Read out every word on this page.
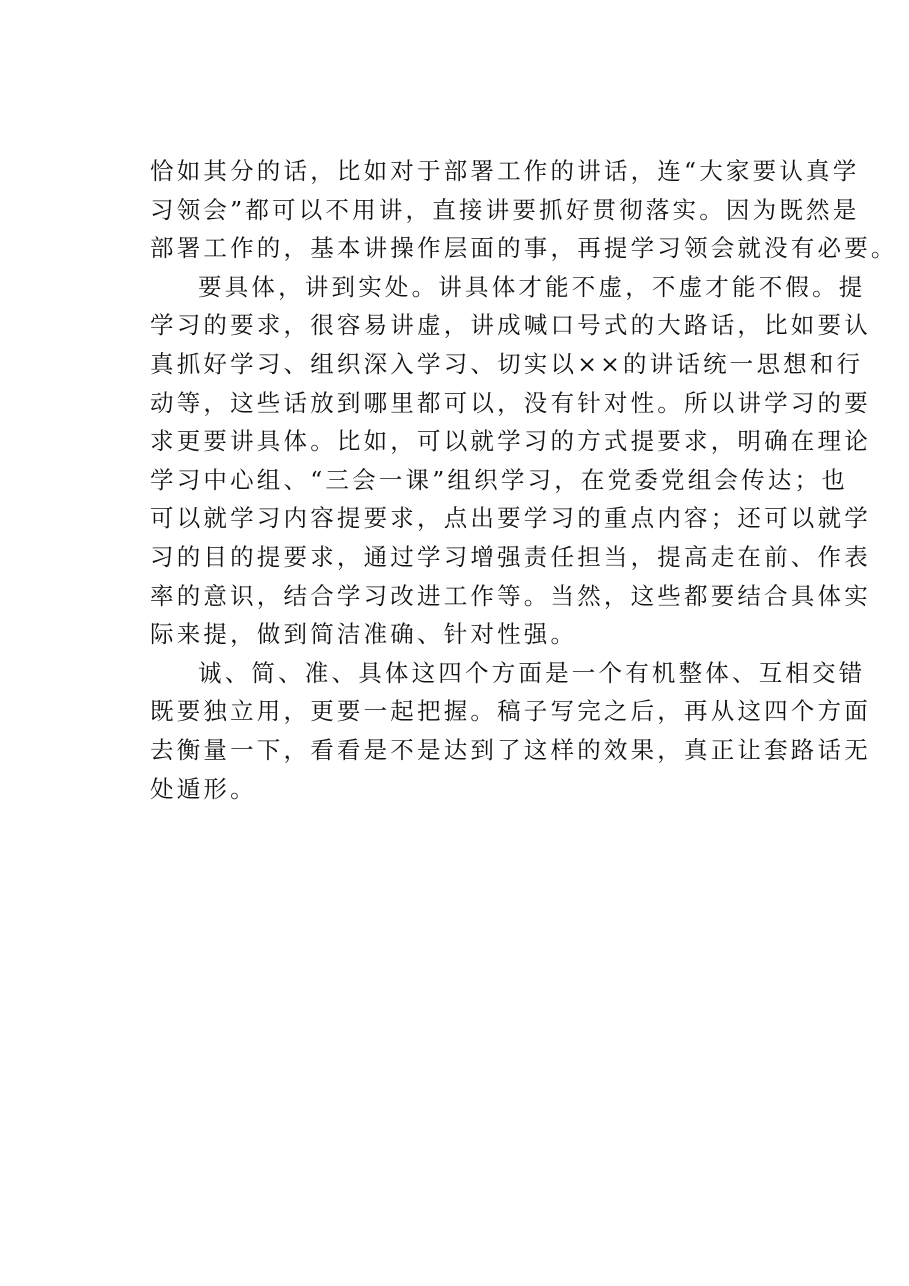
恰如其分的话，比如对于部署工作的讲话，连“大家要认真学
习领会”都可以不用讲，直接讲要抓好贯彻落实。因为既然是
部署工作的，基本讲操作层面的事，再提学习领会就没有必要。
要具体，讲到实处。讲具体才能不虚，不虚才能不假。提
学习的要求，很容易讲虚，讲成喊口号式的大路话，比如要认
真抓好学习、组织深入学习、切实以××的讲话统一思想和行
动等，这些话放到哪里都可以，没有针对性。所以讲学习的要
求更要讲具体。比如，可以就学习的方式提要求，明确在理论
学习中心组、“三会一课”组织学习，在党委党组会传达；也
可以就学习内容提要求，点出要学习的重点内容；还可以就学
习的目的提要求，通过学习增强责任担当，提高走在前、作表
率的意识，结合学习改进工作等。当然，这些都要结合具体实
际来提，做到简洁准确、针对性强。
诚、简、准、具体这四个方面是一个有机整体、互相交错
既要独立用，更要一起把握。稿子写完之后，再从这四个方面
去衡量一下，看看是不是达到了这样的效果，真正让套路话无
处遁形。
